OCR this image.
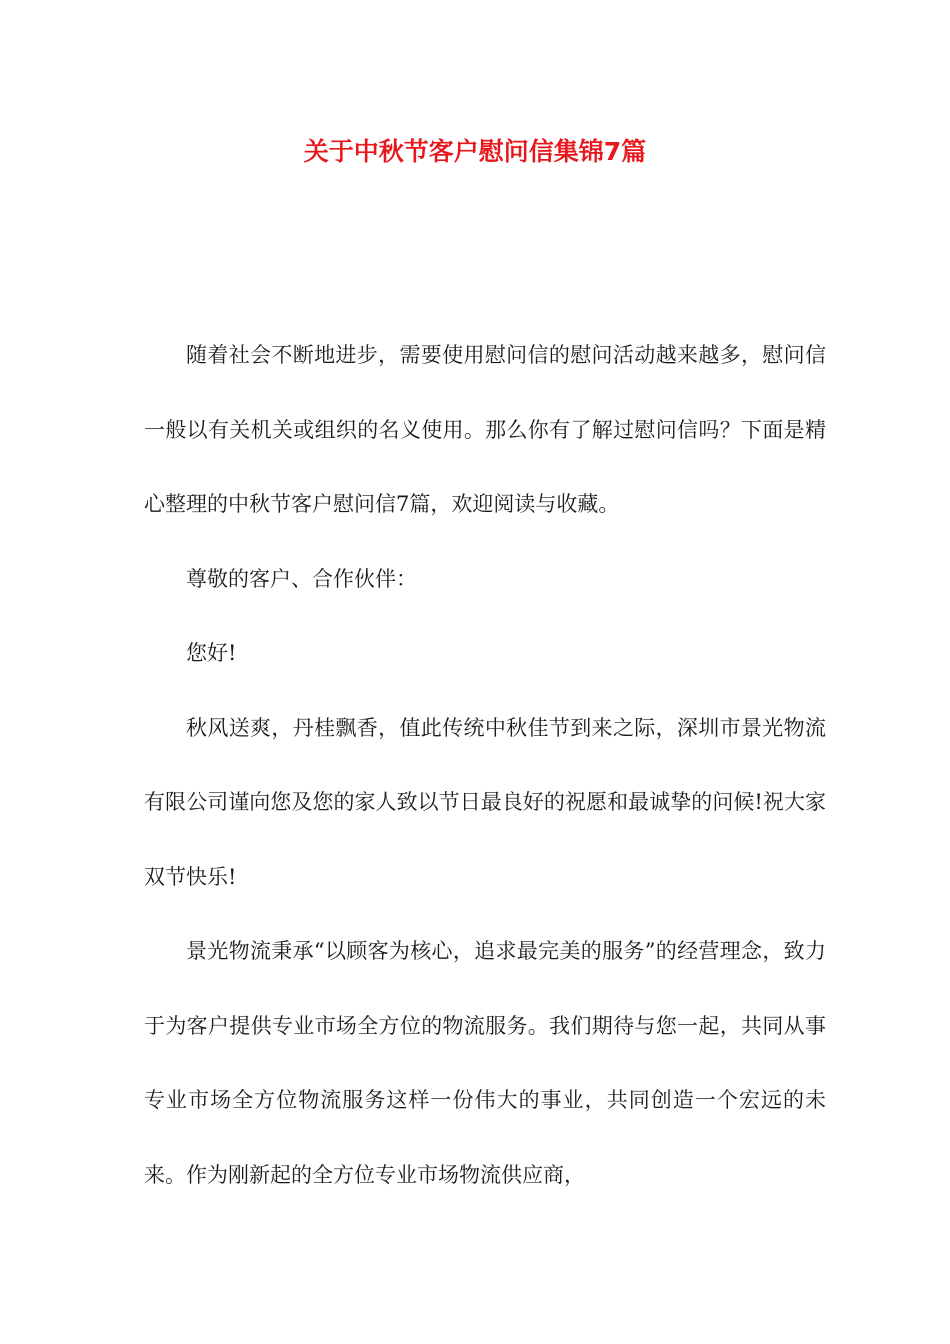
关于中秋节客户慰问信集锦7篇

随着社会不断地进步，需要使用慰问信的慰问活动越来越多，慰问信一般以有关机关或组织的名义使用。那么你有了解过慰问信吗？下面是精心整理的中秋节客户慰问信7篇，欢迎阅读与收藏。

尊敬的客户、合作伙伴：

您好!

秋风送爽，丹桂飘香，值此传统中秋佳节到来之际，深圳市景光物流有限公司谨向您及您的家人致以节日最良好的祝愿和最诚挚的问候!祝大家双节快乐!

景光物流秉承“以顾客为核心，追求最完美的服务”的经营理念，致力于为客户提供专业市场全方位的物流服务。我们期待与您一起，共同从事专业市场全方位物流服务这样一份伟大的事业，共同创造一个宏远的未来。作为刚新起的全方位专业市场物流供应商，
